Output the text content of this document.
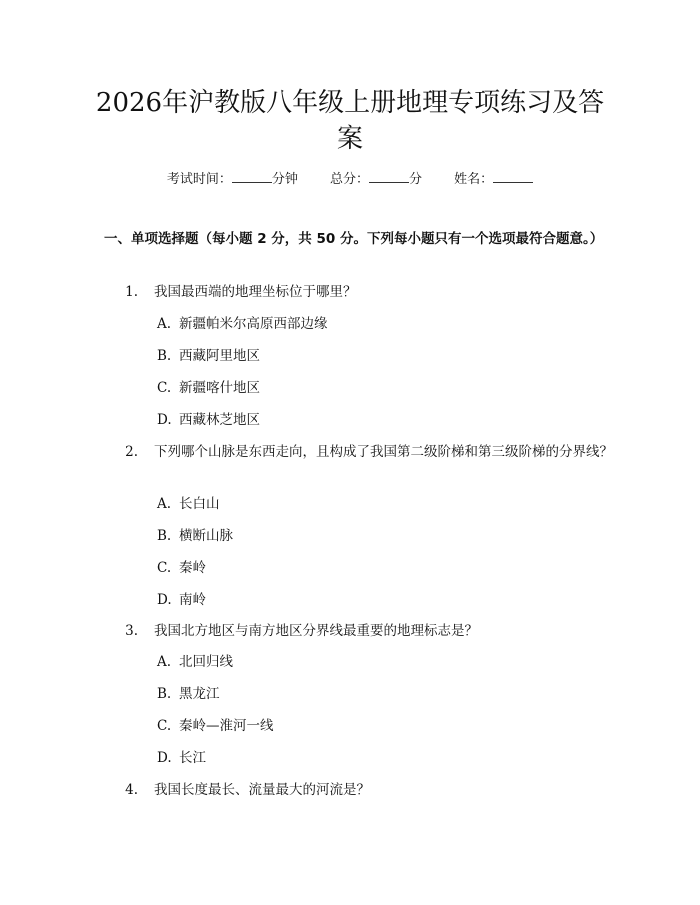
2026年沪教版八年级上册地理专项练习及答
案
考试时间：	分钟 总分：	分 姓名：
一、单项选择题（每小题 2 分，共 50 分。下列每小题只有一个选项最符合题意。）
1. 我国最西端的地理坐标位于哪里？
A. 新疆帕米尔高原西部边缘
B. 西藏阿里地区
C. 新疆喀什地区
D. 西藏林芝地区
2. 下列哪个山脉是东西走向，且构成了我国第二级阶梯和第三级阶梯的分界线？
A. 长白山
B. 横断山脉
C. 秦岭
D. 南岭
3. 我国北方地区与南方地区分界线最重要的地理标志是？
A. 北回归线
B. 黑龙江
C. 秦岭—淮河一线
D. 长江
4. 我国长度最长、流量最大的河流是？
